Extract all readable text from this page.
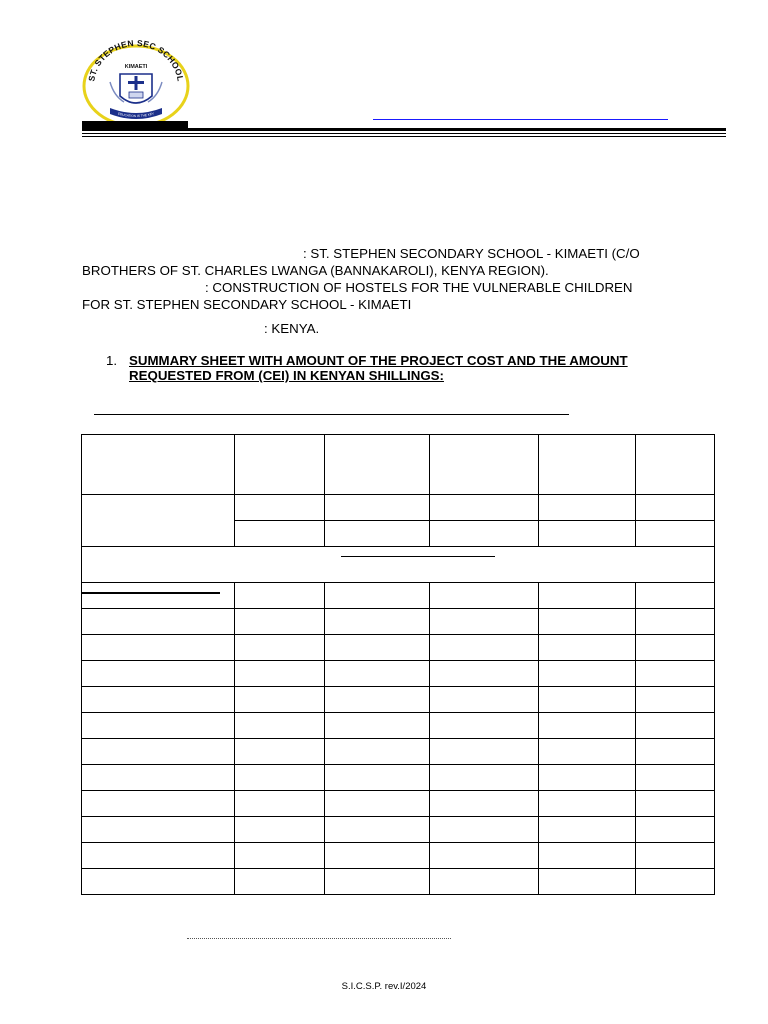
ST. STEPHEN SEC SCHOOL
KIMAETI
EDUCATION IS THE KEY

: ST. STEPHEN SECONDARY SCHOOL - KIMAETI (C/O

BROTHERS OF ST. CHARLES LWANGA (BANNAKAROLI), KENYA REGION).

: CONSTRUCTION OF HOSTELS FOR THE VULNERABLE CHILDREN

FOR ST. STEPHEN SECONDARY SCHOOL - KIMAETI

: KENYA.

1. SUMMARY SHEET WITH AMOUNT OF THE PROJECT COST AND THE AMOUNT
REQUESTED FROM (CEI) IN KENYAN SHILLINGS:

S.I.C.S.P. rev.I/2024
